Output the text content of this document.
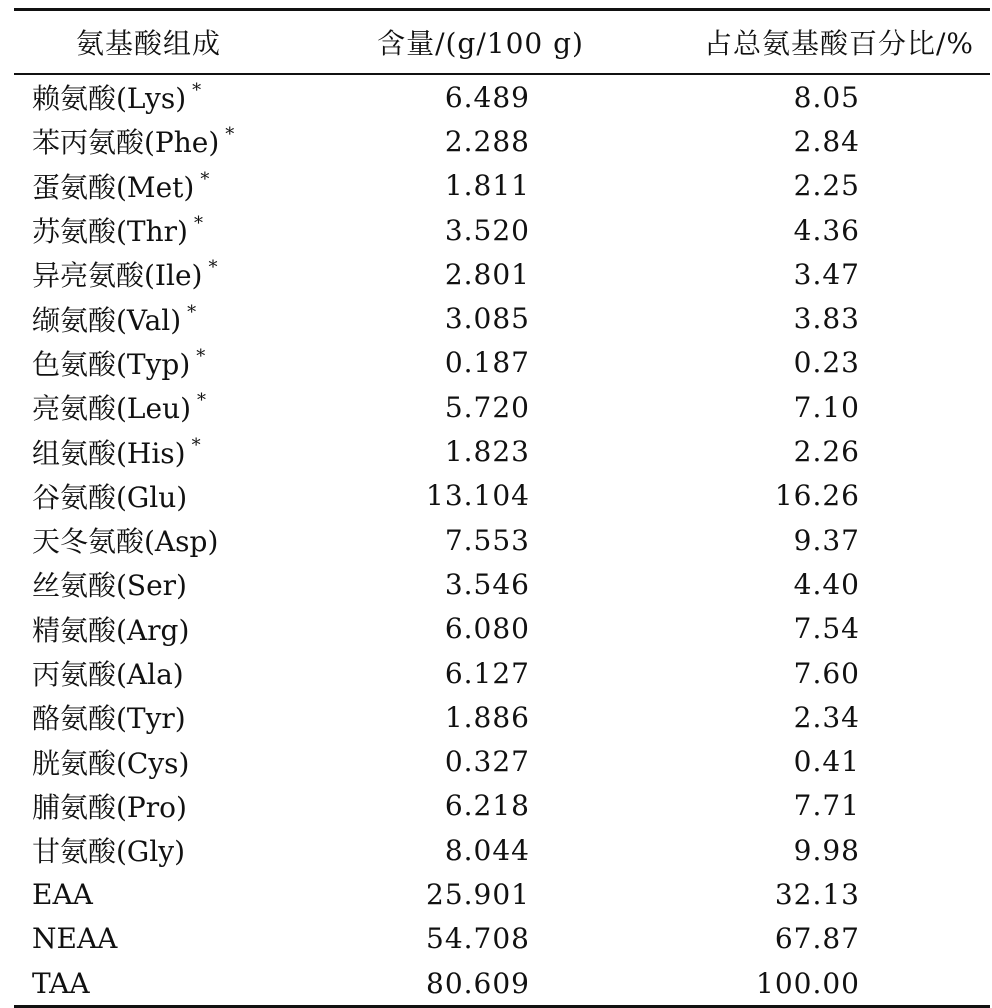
氨基酸组成	含量/(g/100 g)	占总氨基酸百分比/%
赖氨酸(Lys) *	6.489	8.05
苯丙氨酸(Phe) *	2.288	2.84
蛋氨酸(Met) *	1.811	2.25
苏氨酸(Thr) *	3.520	4.36
异亮氨酸(Ile) *	2.801	3.47
缬氨酸(Val) *	3.085	3.83
色氨酸(Typ) *	0.187	0.23
亮氨酸(Leu) *	5.720	7.10
组氨酸(His) *	1.823	2.26
谷氨酸(Glu)	13.104	16.26
天冬氨酸(Asp)	7.553	9.37
丝氨酸(Ser)	3.546	4.40
精氨酸(Arg)	6.080	7.54
丙氨酸(Ala)	6.127	7.60
酪氨酸(Tyr)	1.886	2.34
胱氨酸(Cys)	0.327	0.41
脯氨酸(Pro)	6.218	7.71
甘氨酸(Gly)	8.044	9.98
EAA	25.901	32.13
NEAA	54.708	67.87
TAA	80.609	100.00
